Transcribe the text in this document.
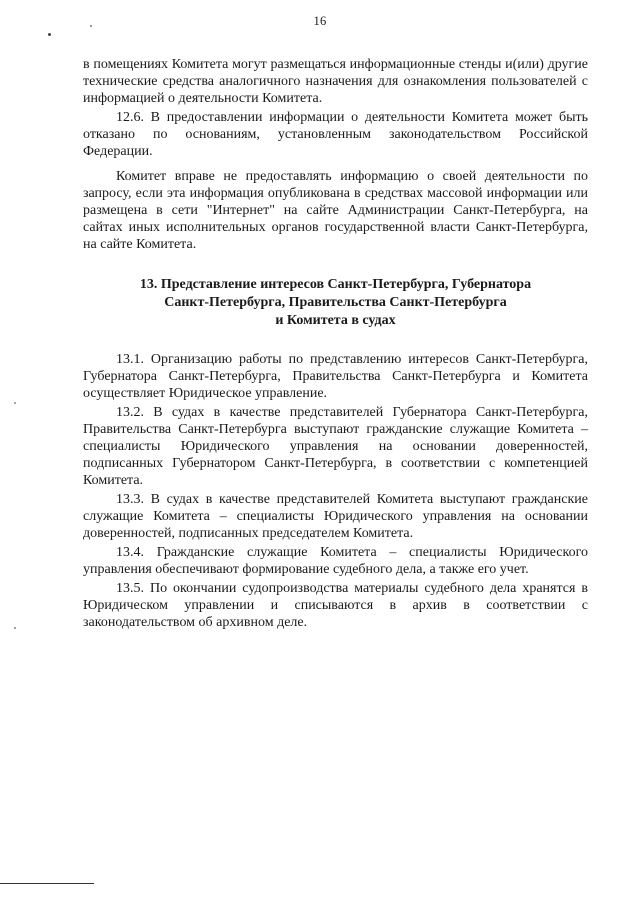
16

в помещениях Комитета могут размещаться информационные стенды и(или) другие технические средства аналогичного назначения для ознакомления пользователей с информацией о деятельности Комитета.

12.6. В предоставлении информации о деятельности Комитета может быть отказано по основаниям, установленным законодательством Российской Федерации.

Комитет вправе не предоставлять информацию о своей деятельности по запросу, если эта информация опубликована в средствах массовой информации или размещена в сети "Интернет" на сайте Администрации Санкт-Петербурга, на сайтах иных исполнительных органов государственной власти Санкт-Петербурга, на сайте Комитета.

13. Представление интересов Санкт-Петербурга, Губернатора
Санкт-Петербурга, Правительства Санкт-Петербурга
и Комитета в судах

13.1. Организацию работы по представлению интересов Санкт-Петербурга, Губернатора Санкт-Петербурга, Правительства Санкт-Петербурга и Комитета осуществляет Юридическое управление.

13.2. В судах в качестве представителей Губернатора Санкт-Петербурга, Правительства Санкт-Петербурга выступают гражданские служащие Комитета – специалисты Юридического управления на основании доверенностей, подписанных Губернатором Санкт-Петербурга, в соответствии с компетенцией Комитета.

13.3. В судах в качестве представителей Комитета выступают гражданские служащие Комитета – специалисты Юридического управления на основании доверенностей, подписанных председателем Комитета.

13.4. Гражданские служащие Комитета – специалисты Юридического управления обеспечивают формирование судебного дела, а также его учет.

13.5. По окончании судопроизводства материалы судебного дела хранятся в Юридическом управлении и списываются в архив в соответствии с законодательством об архивном деле.
